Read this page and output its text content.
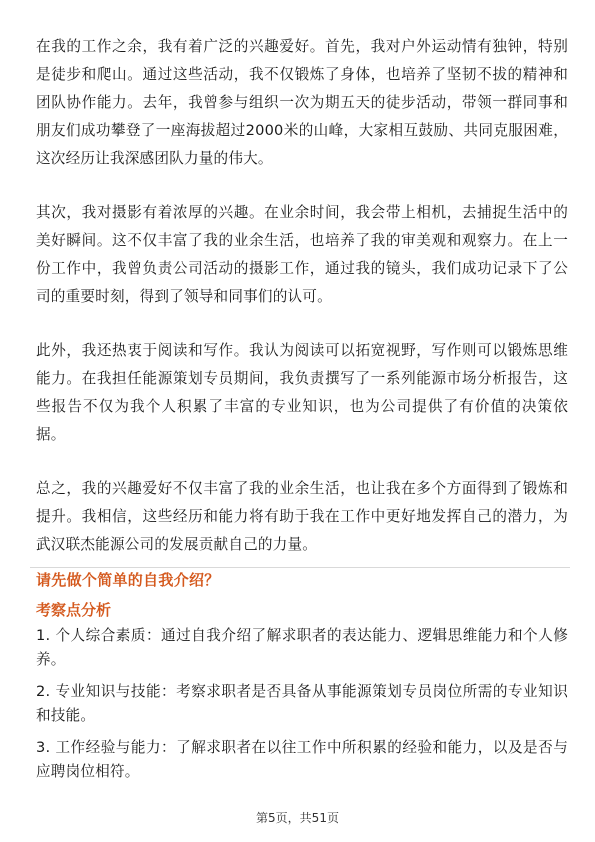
在我的工作之余，我有着广泛的兴趣爱好。首先，我对户外运动情有独钟，特别是徒步和爬山。通过这些活动，我不仅锻炼了身体，也培养了坚韧不拔的精神和团队协作能力。去年，我曾参与组织一次为期五天的徒步活动，带领一群同事和朋友们成功攀登了一座海拔超过2000米的山峰，大家相互鼓励、共同克服困难，这次经历让我深感团队力量的伟大。

其次，我对摄影有着浓厚的兴趣。在业余时间，我会带上相机，去捕捉生活中的美好瞬间。这不仅丰富了我的业余生活，也培养了我的审美观和观察力。在上一份工作中，我曾负责公司活动的摄影工作，通过我的镜头，我们成功记录下了公司的重要时刻，得到了领导和同事们的认可。

此外，我还热衷于阅读和写作。我认为阅读可以拓宽视野，写作则可以锻炼思维能力。在我担任能源策划专员期间，我负责撰写了一系列能源市场分析报告，这些报告不仅为我个人积累了丰富的专业知识，也为公司提供了有价值的决策依据。

总之，我的兴趣爱好不仅丰富了我的业余生活，也让我在多个方面得到了锻炼和提升。我相信，这些经历和能力将有助于我在工作中更好地发挥自己的潜力，为武汉联杰能源公司的发展贡献自己的力量。

请先做个简单的自我介绍？
考察点分析

1. 个人综合素质：通过自我介绍了解求职者的表达能力、逻辑思维能力和个人修养。

2. 专业知识与技能：考察求职者是否具备从事能源策划专员岗位所需的专业知识和技能。

3. 工作经验与能力：了解求职者在以往工作中所积累的经验和能力，以及是否与应聘岗位相符。

第5页，共51页
